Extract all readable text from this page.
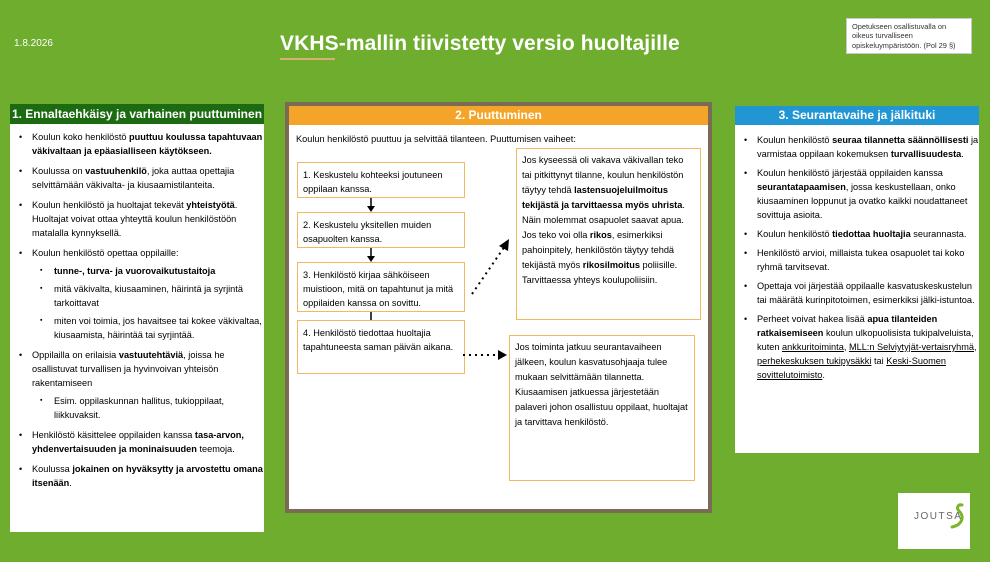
1.8.2026	VKHS-mallin tiivistetty versio huoltajille
Opetukseen osallistuvalla on oikeus turvalliseen opiskeluympäristöön. (Pol 29 §)
1. Ennaltaehkäisy ja varhainen puuttuminen
• Koulun koko henkilöstö puuttuu koulussa tapahtuvaan väkivaltaan ja epäasialliseen käytökseen.
• Koulussa on vastuuhenkilö, joka auttaa opettajia selvittämään väkivalta- ja kiusaamistilanteita.
• Koulun henkilöstö ja huoltajat tekevät yhteistyötä. Huoltajat voivat ottaa yhteyttä koulun henkilöstöön matalalla kynnyksellä.
• Koulun henkilöstö opettaa oppilaille:
▪ tunne-, turva- ja vuorovaikutustaitoja
▪ mitä väkivalta, kiusaaminen, häirintä ja syrjintä tarkoittavat
▪ miten voi toimia, jos havaitsee tai kokee väkivaltaa, kiusaamista, häirintää tai syrjintää.
• Oppilailla on erilaisia vastuutehtäviä, joissa he osallistuvat turvallisen ja hyvinvoivan yhteisön rakentamiseen
▪ Esim. oppilaskunnan hallitus, tukioppilaat, liikkuvaksit.
• Henkilöstö käsittelee oppilaiden kanssa tasa-arvon, yhdenvertaisuuden ja moninaisuuden teemoja.
• Koulussa jokainen on hyväksytty ja arvostettu omana itsenään.
2. Puuttuminen
Koulun henkilöstö puuttuu ja selvittää tilanteen. Puuttumisen vaiheet:
1. Keskustelu kohteeksi joutuneen oppilaan kanssa.
2. Keskustelu yksitellen muiden osapuolten kanssa.
3. Henkilöstö kirjaa sähköiseen muistioon, mitä on tapahtunut ja mitä oppilaiden kanssa on sovittu.
4. Henkilöstö tiedottaa huoltajia tapahtuneesta saman päivän aikana.
Jos kyseessä oli vakava väkivallan teko tai pitkittynyt tilanne, koulun henkilöstön täytyy tehdä lastensuojeluilmoitus tekijästä ja tarvittaessa myös uhrista. Näin molemmat osapuolet saavat apua. Jos teko voi olla rikos, esimerkiksi pahoinpitely, henkilöstön täytyy tehdä tekijästä myös rikosilmoitus poliisille. Tarvittaessa yhteys koulupoliisiin.
Jos toiminta jatkuu seurantavaiheen jälkeen, koulun kasvatusohjaaja tulee mukaan selvittämään tilannetta. Kiusaamisen jatkuessa järjestetään palaveri johon osallistuu oppilaat, huoltajat ja tarvittava henkilöstö.
3. Seurantavaihe ja jälkituki
• Koulun henkilöstö seuraa tilannetta säännöllisesti ja varmistaa oppilaan kokemuksen turvallisuudesta.
• Koulun henkilöstö järjestää oppilaiden kanssa seurantatapaamisen, jossa keskustellaan, onko kiusaaminen loppunut ja ovatko kaikki noudattaneet sovittuja asioita.
• Koulun henkilöstö tiedottaa huoltajia seurannasta.
• Henkilöstö arvioi, millaista tukea osapuolet tai koko ryhmä tarvitsevat.
• Opettaja voi järjestää oppilaalle kasvatuskeskustelun tai määrätä kurinpitotoimen, esimerkiksi jälki-istuntoa.
• Perheet voivat hakea lisää apua tilanteiden ratkaisemiseen koulun ulkopuolisista tukipalveluista, kuten ankkuritoiminta, MLL:n Selviytyjät-vertaisryhmä, perhekeskuksen tukipysäkki tai Keski-Suomen sovittelutoimisto.
JOUTSA
